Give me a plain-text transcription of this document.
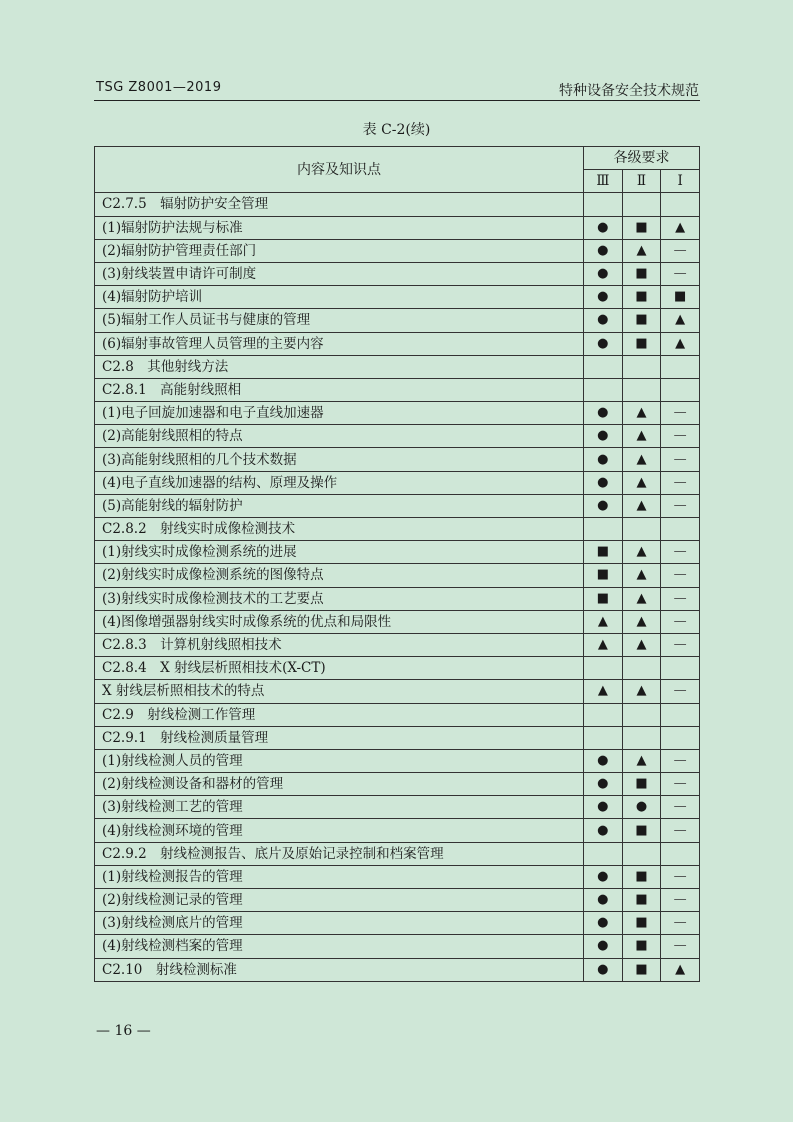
TSG Z8001—2019	特种设备安全技术规范
表 C-2(续)
内容及知识点	各级要求		
	Ⅲ	Ⅱ	Ⅰ
C2.7.5　辐射防护安全管理			
(1)辐射防护法规与标准	●	■	▲
(2)辐射防护管理责任部门	●	▲	—
(3)射线装置申请许可制度	●	■	—
(4)辐射防护培训	●	■	■
(5)辐射工作人员证书与健康的管理	●	■	▲
(6)辐射事故管理人员管理的主要内容	●	■	▲
C2.8　其他射线方法			
C2.8.1　高能射线照相			
(1)电子回旋加速器和电子直线加速器	●	▲	—
(2)高能射线照相的特点	●	▲	—
(3)高能射线照相的几个技术数据	●	▲	—
(4)电子直线加速器的结构、原理及操作	●	▲	—
(5)高能射线的辐射防护	●	▲	—
C2.8.2　射线实时成像检测技术			
(1)射线实时成像检测系统的进展	■	▲	—
(2)射线实时成像检测系统的图像特点	■	▲	—
(3)射线实时成像检测技术的工艺要点	■	▲	—
(4)图像增强器射线实时成像系统的优点和局限性	▲	▲	—
C2.8.3　计算机射线照相技术	▲	▲	—
C2.8.4　X 射线层析照相技术(X-CT)			
X 射线层析照相技术的特点	▲	▲	—
C2.9　射线检测工作管理			
C2.9.1　射线检测质量管理			
(1)射线检测人员的管理	●	▲	—
(2)射线检测设备和器材的管理	●	■	—
(3)射线检测工艺的管理	●	●	—
(4)射线检测环境的管理	●	■	—
C2.9.2　射线检测报告、底片及原始记录控制和档案管理			
(1)射线检测报告的管理	●	■	—
(2)射线检测记录的管理	●	■	—
(3)射线检测底片的管理	●	■	—
(4)射线检测档案的管理	●	■	—
C2.10　射线检测标准	●	■	▲
— 16 —
